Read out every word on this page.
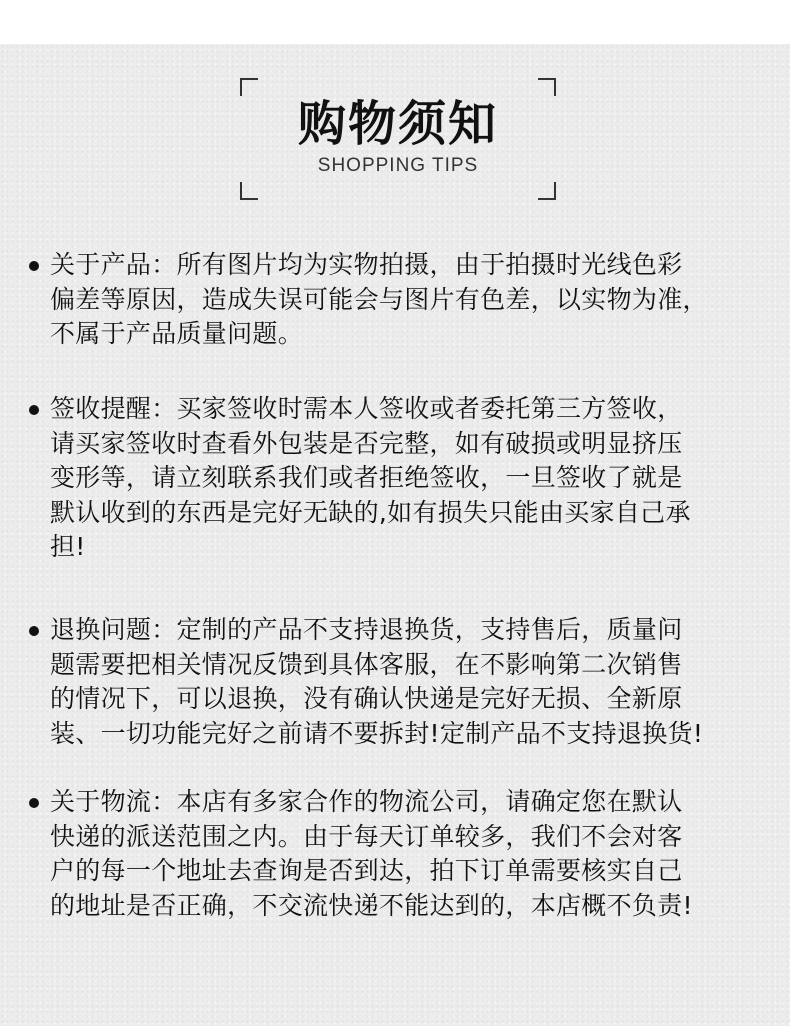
购物须知
SHOPPING TIPS
关于产品：所有图片均为实物拍摄，由于拍摄时光线色彩
偏差等原因，造成失误可能会与图片有色差，以实物为准，
不属于产品质量问题。
签收提醒：买家签收时需本人签收或者委托第三方签收，
请买家签收时查看外包装是否完整，如有破损或明显挤压
变形等，请立刻联系我们或者拒绝签收，一旦签收了就是
默认收到的东西是完好无缺的,如有损失只能由买家自己承
担!
退换问题：定制的产品不支持退换货，支持售后，质量问
题需要把相关情况反馈到具体客服，在不影响第二次销售
的情况下，可以退换，没有确认快递是完好无损、全新原
装、一切功能完好之前请不要拆封!定制产品不支持退换货!
关于物流：本店有多家合作的物流公司，请确定您在默认
快递的派送范围之内。由于每天订单较多，我们不会对客
户的每一个地址去查询是否到达，拍下订单需要核实自己
的地址是否正确，不交流快递不能达到的，本店概不负责!
